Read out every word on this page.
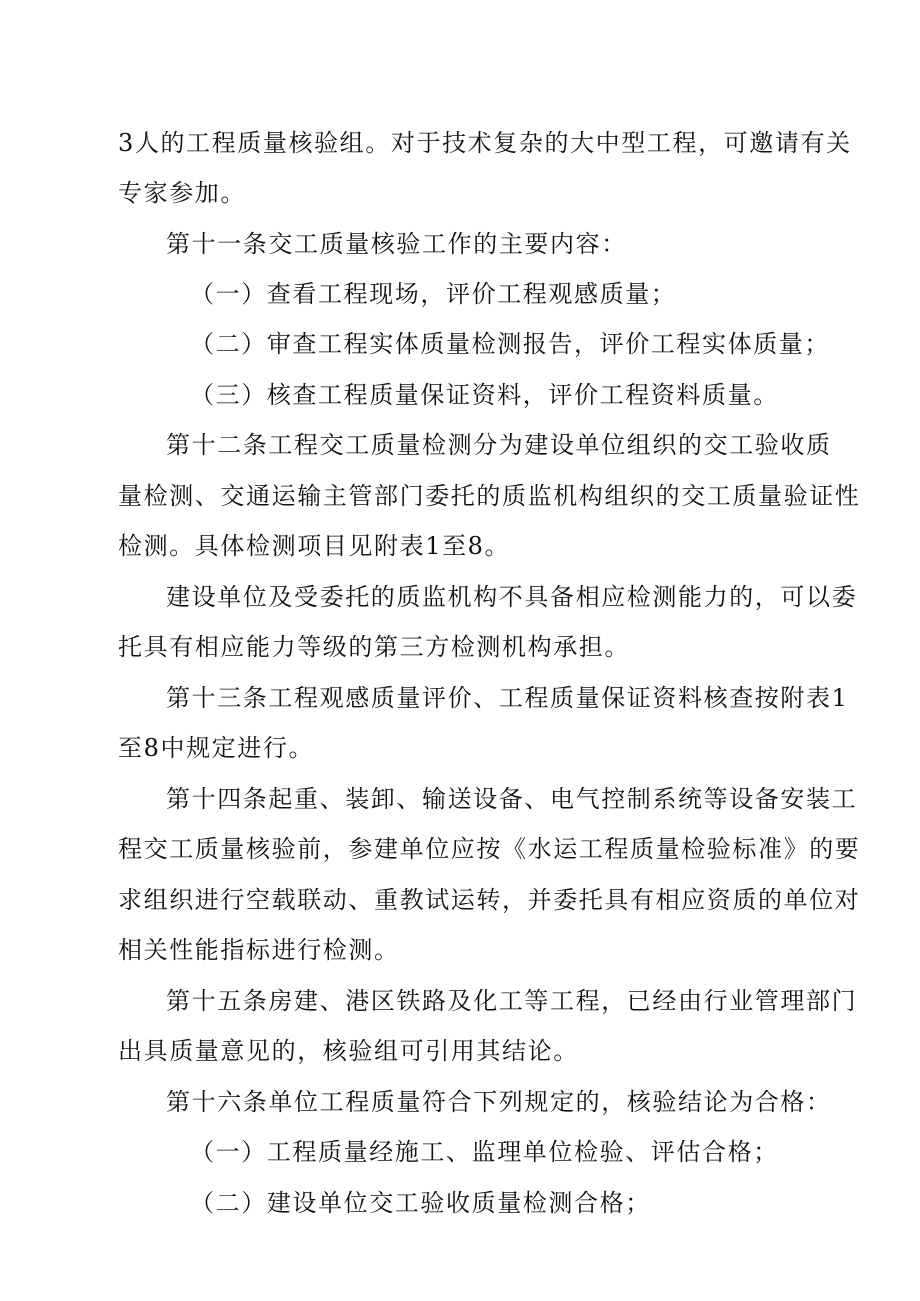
3人的工程质量核验组。对于技术复杂的大中型工程，可邀请有关
专家参加。
第十一条交工质量核验工作的主要内容：
（一）查看工程现场，评价工程观感质量；
（二）审查工程实体质量检测报告，评价工程实体质量；
（三）核查工程质量保证资料，评价工程资料质量。
第十二条工程交工质量检测分为建设单位组织的交工验收质
量检测、交通运输主管部门委托的质监机构组织的交工质量验证性
检测。具体检测项目见附表1至8。
建设单位及受委托的质监机构不具备相应检测能力的，可以委
托具有相应能力等级的第三方检测机构承担。
第十三条工程观感质量评价、工程质量保证资料核查按附表1
至8中规定进行。
第十四条起重、装卸、输送设备、电气控制系统等设备安装工
程交工质量核验前，参建单位应按《水运工程质量检验标准》的要
求组织进行空载联动、重教试运转，并委托具有相应资质的单位对
相关性能指标进行检测。
第十五条房建、港区铁路及化工等工程，已经由行业管理部门
出具质量意见的，核验组可引用其结论。
第十六条单位工程质量符合下列规定的，核验结论为合格：
（一）工程质量经施工、监理单位检验、评估合格；
（二）建设单位交工验收质量检测合格；
